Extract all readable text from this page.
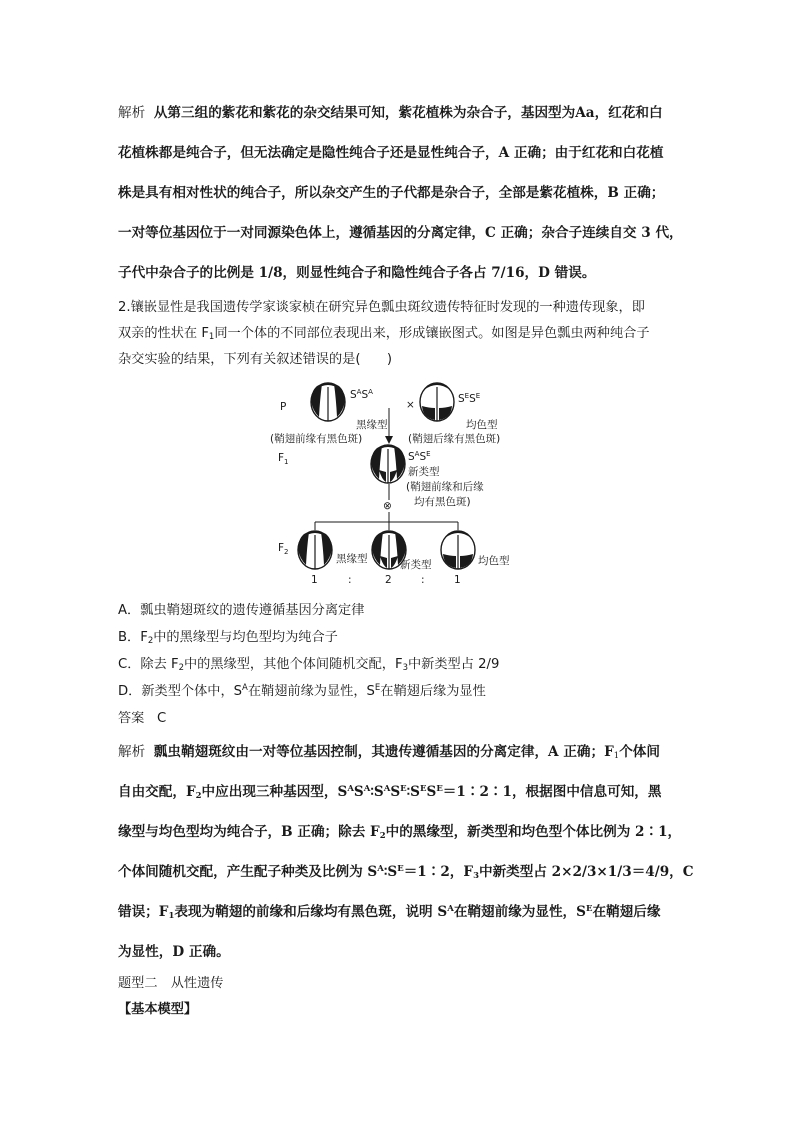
解析 从第三组的紫花和紫花的杂交结果可知，紫花植株为杂合子，基因型为Aa，红花和白
花植株都是纯合子，但无法确定是隐性纯合子还是显性纯合子，A 正确；由于红花和白花植
株是具有相对性状的纯合子，所以杂交产生的子代都是杂合子，全部是紫花植株，B 正确；
一对等位基因位于一对同源染色体上，遵循基因的分离定律，C 正确；杂合子连续自交 3 代，
子代中杂合子的比例是 1/8，则显性纯合子和隐性纯合子各占 7/16，D 错误。
2.镶嵌显性是我国遗传学家谈家桢在研究异色瓢虫斑纹遗传特征时发现的一种遗传现象，即
双亲的性状在 $F_1$同一个体的不同部位表现出来，形成镶嵌图式。如图是异色瓢虫两种纯合子
杂交实验的结果，下列有关叙述错误的是(　　)
P
$S^AS^A$
黑缘型
(鞘翅前缘有黑色斑)
×	$S^ES^E$
均色型
(鞘翅后缘有黑色斑)
$F_1$	$S^AS^E$
新类型
(鞘翅前缘和后缘
均有黑色斑)
⊗
$F_2$
黑缘型	新类型	均色型
1	:	2	:	1
A．瓢虫鞘翅斑纹的遗传遵循基因分离定律
B．$F_2$中的黑缘型与均色型均为纯合子
C．除去 $F_2$中的黑缘型，其他个体间随机交配，$F_3$中新类型占 2/9
D．新类型个体中，$S^A$在鞘翅前缘为显性，$S^E$在鞘翅后缘为显性
答案 C
解析 瓢虫鞘翅斑纹由一对等位基因控制，其遗传遵循基因的分离定律，A 正确；$F_1$个体间
自由交配，$F_2$中应出现三种基因型，$S^AS^A∶S^AS^E∶S^ES^E=1∶2∶1$，根据图中信息可知，黑
缘型与均色型均为纯合子，B 正确；除去 $F_2$中的黑缘型，新类型和均色型个体比例为 2∶1，
个体间随机交配，产生配子种类及比例为 $S^A∶S^E=1∶2$，$F_3$中新类型占 2×2/3×1/3＝4/9，C
错误；$F_1$表现为鞘翅的前缘和后缘均有黑色斑，说明 $S^A$在鞘翅前缘为显性，$S^E$在鞘翅后缘
为显性，D 正确。
题型二　从性遗传
【基本模型】
